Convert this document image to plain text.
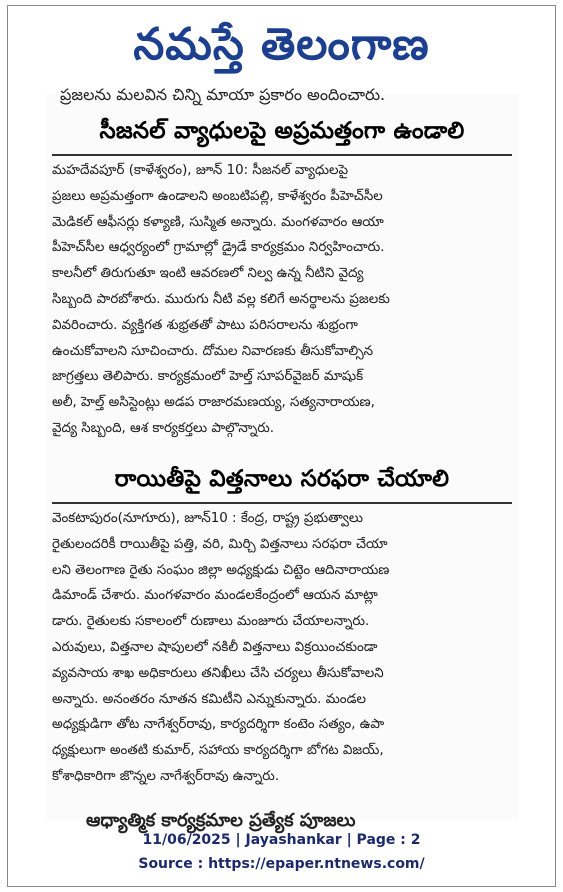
నమస్తే తెలంగాణ
ప్రజలను మలవిన చిన్ని మాయా ప్రకారం అందించారు.
సీజనల్ వ్యాధులపై అప్రమత్తంగా ఉండాలి
మహదేవపూర్ (కాళేశ్వరం), జూన్ 10: సీజనల్ వ్యాధులపై
ప్రజలు అప్రమత్తంగా ఉండాలని అంబటిపల్లి, కాళేశ్వరం పీహెచ్‌సీల
మెడికల్ ఆఫీసర్లు కళ్యాణి, సుస్మిత అన్నారు. మంగళవారం ఆయా
పీహెచ్‌సీల ఆధ్వర్యంలో గ్రామాల్లో డ్రైడే కార్యక్రమం నిర్వహించారు.
కాలనీలో తిరుగుతూ ఇంటి ఆవరణలో నిల్వ ఉన్న నీటిని వైద్య
సిబ్బంది పారబోశారు. మురుగు నీటి వల్ల కలిగే అనర్థాలను ప్రజలకు
వివరించారు. వ్యక్తిగత శుభ్రతతో పాటు పరిసరాలను శుభ్రంగా
ఉంచుకోవాలని సూచించారు. దోమల నివారణకు తీసుకోవాల్సిన
జాగ్రత్తలు తెలిపారు. కార్యక్రమంలో హెల్త్ సూపర్‌వైజర్ మాషుక్
అలీ, హెల్త్ అసిస్టెంట్లు అడప రాజారమణయ్య, సత్యనారాయణ,
వైద్య సిబ్బంది, ఆశ కార్యకర్తలు పాల్గొన్నారు.
రాయితీపై విత్తనాలు సరఫరా చేయాలి
వెంకటాపురం(నూగూరు), జూన్10 : కేంద్ర, రాష్ట్ర ప్రభుత్వాలు
రైతులందరికీ రాయితీపై పత్తి, వరి, మిర్చి విత్తనాలు సరఫరా చేయా
లని తెలంగాణ రైతు సంఘం జిల్లా అధ్యక్షుడు చిట్టెం ఆదినారాయణ
డిమాండ్ చేశారు. మంగళవారం మండలకేంద్రంలో ఆయన మాట్లా
డారు. రైతులకు సకాలంలో రుణాలు మంజూరు చేయాలన్నారు.
ఎరువులు, విత్తనాల షాపులలో నకిలీ విత్తనాలు విక్రయించకుండా
వ్యవసాయ శాఖ అధికారులు తనిఖీలు చేసి చర్యలు తీసుకోవాలని
అన్నారు. అనంతరం నూతన కమిటీని ఎన్నుకున్నారు. మండల
అధ్యక్షుడిగా తోట నాగేశ్వర్‌రావు, కార్యదర్శిగా కంటెం సత్యం, ఉపా
ధ్యక్షులుగా అంతటి కుమార్, సహాయ కార్యదర్శిగా బోగట విజయ్,
కోశాధికారిగా జొన్నల నాగేశ్వర్‌రావు ఉన్నారు.
ఆధ్యాత్మిక కార్యక్రమాల ప్రత్యేక పూజలు
11/06/2025 | Jayashankar | Page : 2
Source : https://epaper.ntnews.com/
